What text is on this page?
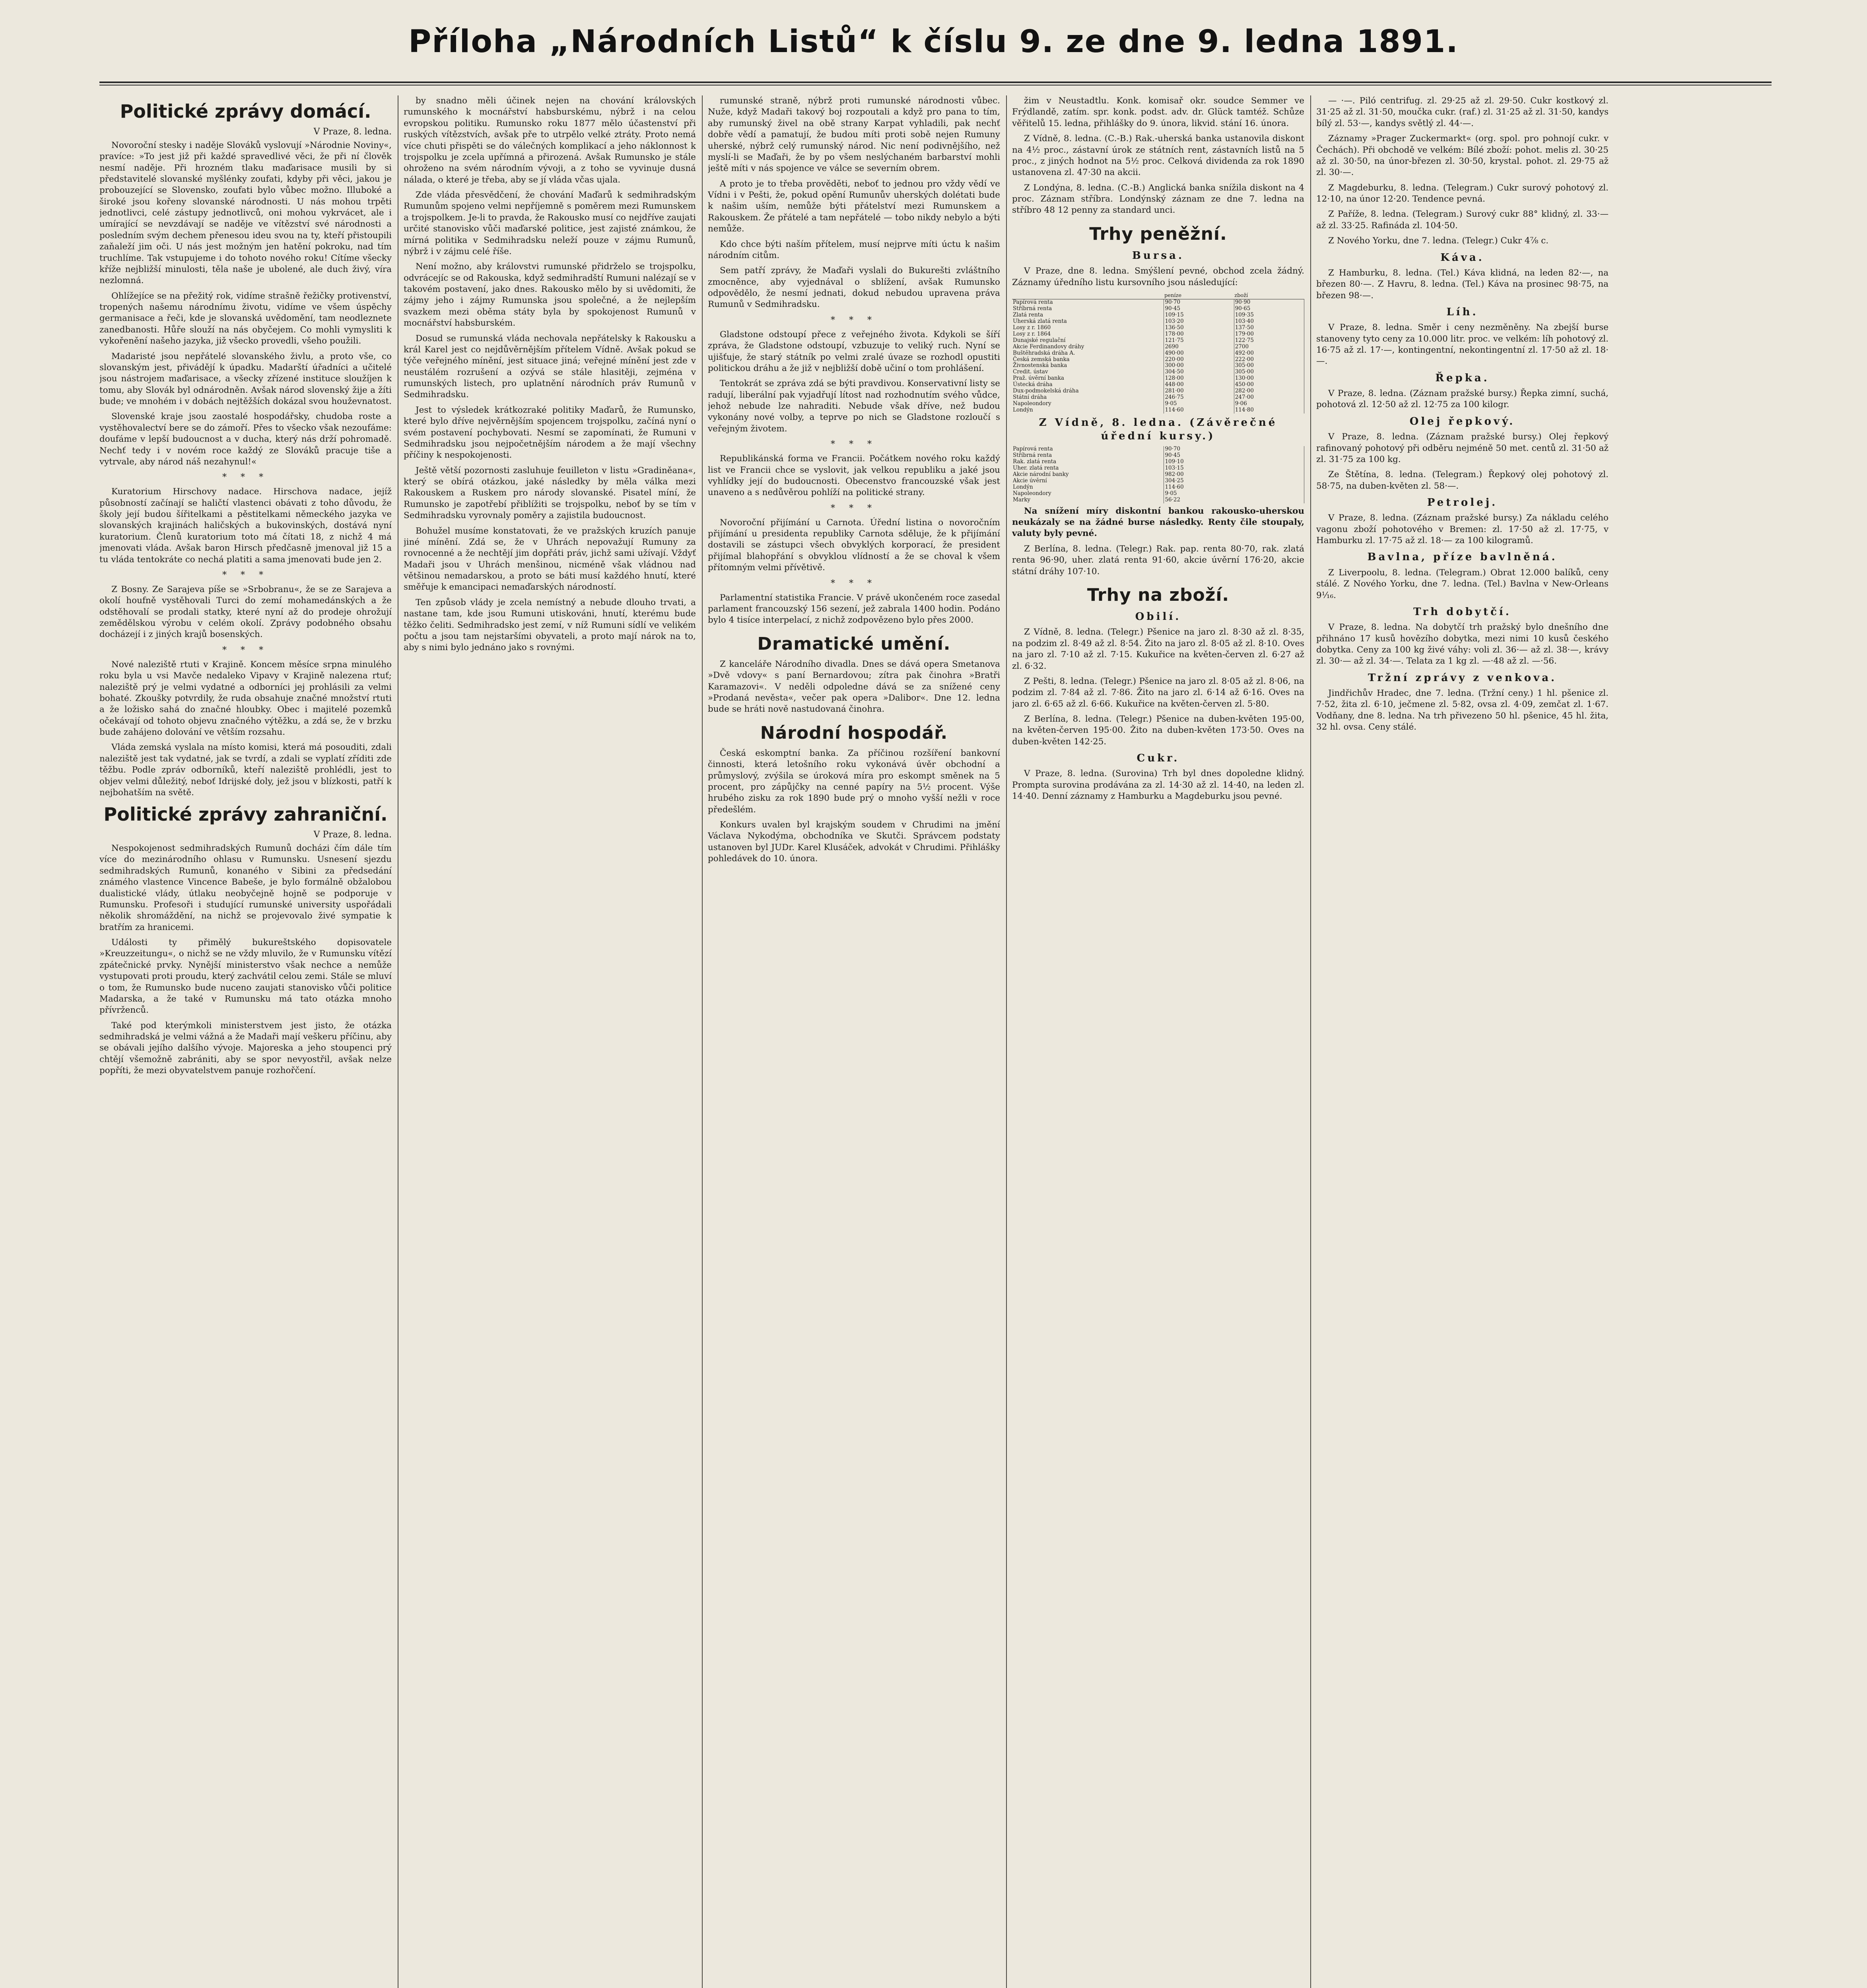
Příloha „Národních Listů“ k číslu 9. ze dne 9. ledna 1891.
Politické zprávy domácí.
V Praze, 8. ledna.

Novoroční stesky i naděje Slováků vyslovují »Národnie Noviny«, pravíce: »To jest již při každé spravedlivé věci, že při ní člověk nesmí naděje. Při hrozném tlaku maďarisace musili by si představitelé slovanské myšlénky zoufati, kdyby při věci, jakou je probouzející se Slovensko, zoufati bylo vůbec možno. Illuboké a široké jsou kořeny slovanské národnosti. U nás mohou trpěti jednotlivci, celé zástupy jednotlivců, oni mohou vykrvácet, ale i umírající se nevzdávají se naděje ve vítězství své národnosti a posledním svým dechem přenesou ideu svou na ty, kteří přistoupili zaňaleží jim oči. U nás jest možným jen hatění pokroku, nad tím truchlíme. Tak vstupujeme i do tohoto nového roku! Cítíme všecky kříže nejbližší minulosti, těla naše je ubolené, ale duch živý, víra nezlomná.

Ohlížejíce se na přežitý rok, vidíme strašně řežičky protivenství, tropených našemu národnímu životu, vidíme ve všem úspěchy germanisace a řeči, kde je slovanská uvědomění, tam neodleznete zanedbanosti. Hůře slouží na nás obyčejem. Co mohli vymysliti k vykořenění našeho jazyka, již všecko provedli, všeho použili.

Madaristé jsou nepřátelé slovanského živlu, a proto vše, co slovanským jest, přivádějí k úpadku. Madarští úřadníci a učitelé jsou nástrojem maďarisace, a všecky zřízené instituce sloužíjen k tomu, aby Slovák byl odnárodněn. Avšak národ slovenský žije a žíti bude; ve mnohém i v dobách nejtěžších dokázal svou houževnatost.

Slovenské kraje jsou zaostalé hospodářsky, chudoba roste a vystěhovalectví bere se do zámoří. Přes to všecko však nezoufáme: doufáme v lepší budoucnost a v ducha, který nás drží pohromadě. Nechť tedy i v novém roce každý ze Slováků pracuje tiše a vytrvale, aby národ náš nezahynul!«

* * *

Kuratorium Hirschovy nadace. Hirschova nadace, jejíž působností začínají se haličtí vlastenci obávati z toho důvodu, že školy její budou šířitelkami a pěstitelkami německého jazyka ve slovanských krajinách haličských a bukovinských, dostává nyní kuratorium. Členů kuratorium toto má čítati 18, z nichž 4 má jmenovati vláda. Avšak baron Hirsch předčasně jmenoval již 15 a tu vláda tentokráte co nechá platiti a sama jmenovati bude jen 2.

* * *

Z Bosny. Ze Sarajeva píše se »Srbobranu«, že se ze Sarajeva a okolí houfně vystěhovali Turci do zemí mohamedánských a že odstěhovalí se prodali statky, které nyní až do prodeje ohrožují zemědělskou výrobu v celém okolí. Zprávy podobného obsahu docházejí i z jiných krajů bosenských.

* * *

Nové naleziště rtuti v Krajině. Koncem měsíce srpna minulého roku byla u vsi Mavče nedaleko Vipavy v Krajině nalezena rtuť; naleziště prý je velmi vydatné a odborníci jej prohlásili za velmi bohaté. Zkoušky potvrdily, že ruda obsahuje značné množství rtuti a že ložisko sahá do značné hloubky. Obec i majitelé pozemků očekávají od tohoto objevu značného výtěžku, a zdá se, že v brzku bude zahájeno dolování ve větším rozsahu.

Vláda zemská vyslala na místo komisi, která má posouditi, zdali naleziště jest tak vydatné, jak se tvrdí, a zdali se vyplatí zříditi zde těžbu. Podle zpráv odborníků, kteří naleziště prohlédli, jest to objev velmi důležitý, neboť Idrijské doly, jež jsou v blízkosti, patří k nejbohatším na světě.

Politické zprávy zahraniční.
V Praze, 8. ledna.

Nespokojenost sedmihradských Rumunů docházi čím dále tím více do mezinárodního ohlasu v Rumunsku. Usnesení sjezdu sedmihradských Rumunů, konaného v Sibini za předsedání známého vlastence Vincence Babeše, je bylo formálně obžalobou dualistické vlády, útlaku neobyčejně hojně se podporuje v Rumunsku. Profesoři i studující rumunské university uspořádali několik shromáždění, na nichž se projevovalo živé sympatie k bratřím za hranicemi.

Události ty přimělý bukureštského dopisovatele »Kreuzzeitungu«, o nichž se ne vždy mluvilo, že v Rumunsku vítězí zpátečnické prvky. Nynější ministerstvo však nechce a nemůže vystupovati proti proudu, který zachvátil celou zemi. Stále se mluví o tom, že Rumunsko bude nuceno zaujati stanovisko vůči politice Madarska, a že také v Rumunsku má tato otázka mnoho přívrženců.

Také pod kterýmkoli ministerstvem jest jisto, že otázka sedmihradská je velmi vážná a že Madaři mají veškeru příčinu, aby se obávali jejího dalšího vývoje. Majoreska a jeho stoupenci prý chtějí všemožně zabrániti, aby se spor nevyostřil, avšak nelze popříti, že mezi obyvatelstvem panuje rozhořčení.

by snadno měli účinek nejen na chování královských rumunského k mocnářství habsburskému, nýbrž i na celou evropskou politiku. Rumunsko roku 1877 mělo účastenství při ruských vítězstvích, avšak pře to utrpělo velké ztráty. Proto nemá více chuti přispěti se do válečných komplikací a jeho náklonnost k trojspolku je zcela upřímná a přirozená. Avšak Rumunsko je stále ohroženo na svém národním vývoji, a z toho se vyvinuje dusná nálada, o které je třeba, aby se jí vláda včas ujala.

Zde vláda přesvědčení, že chování Maďarů k sedmihradským Rumunům spojeno velmi nepříjemně s poměrem mezi Rumunskem a trojspolkem. Je-li to pravda, že Rakousko musí co nejdříve zaujati určité stanovisko vůči maďarské politice, jest zajisté známkou, že mírná politika v Sedmihradsku neleží pouze v zájmu Rumunů, nýbrž i v zájmu celé říše.

Není možno, aby královstvi rumunské přidrželo se trojspolku, odvrácejíc se od Rakouska, když sedmihradští Rumuni nalézají se v takovém postavení, jako dnes. Rakousko mělo by si uvědomiti, že zájmy jeho i zájmy Rumunska jsou společné, a že nejlepším svazkem mezi oběma státy byla by spokojenost Rumunů v mocnářství habsburském.

Dosud se rumunská vláda nechovala nepřátelsky k Rakousku a král Karel jest co nejdůvěrnějším přítelem Vídně. Avšak pokud se týče veřejného mínění, jest situace jiná; veřejné mínění jest zde v neustálém rozrušení a ozývá se stále hlasitěji, zejména v rumunských listech, pro uplatnění národních práv Rumunů v Sedmihradsku.

Jest to výsledek krátkozraké politiky Maďarů, že Rumunsko, které bylo dříve nejvěrnějším spojencem trojspolku, začíná nyní o svém postavení pochybovati. Nesmí se zapomínati, že Rumuni v Sedmihradsku jsou nejpočetnějším národem a že mají všechny příčiny k nespokojenosti.

Ještě větší pozornosti zasluhuje feuilleton v listu »Gradiněana«, který se obírá otázkou, jaké následky by měla válka mezi Rakouskem a Ruskem pro národy slovanské. Pisatel míní, že Rumunsko je zapotřebí přiblížiti se trojspolku, neboť by se tím v Sedmihradsku vyrovnaly poměry a zajistila budoucnost.

Bohužel musíme konstatovati, že ve pražských kruzích panuje jiné mínění. Zdá se, že v Uhrách nepovažují Rumuny za rovnocenné a že nechtějí jim dopřáti práv, jichž sami užívají. Vždyť Madaři jsou v Uhrách menšinou, nicméně však vládnou nad většinou nemadarskou, a proto se báti musí každého hnutí, které směřuje k emancipaci nemaďarských národností.

Ten způsob vlády je zcela nemístný a nebude dlouho trvati, a nastane tam, kde jsou Rumuni utiskováni, hnutí, kterému bude těžko čeliti. Sedmihradsko jest zemí, v níž Rumuni sídlí ve velikém počtu a jsou tam nejstaršími obyvateli, a proto mají nárok na to, aby s nimi bylo jednáno jako s rovnými.

rumunské straně, nýbrž proti rumunské národnosti vůbec. Nuže, když Madaři takový boj rozpoutali a když pro pana to tím, aby rumunský živel na obě strany Karpat vyhladili, pak nechť dobře vědí a pamatují, že budou míti proti sobě nejen Rumuny uherské, nýbrž celý rumunský národ. Nic není podivnějšího, než myslí-li se Maďaři, že by po všem neslýchaném barbarství mohli ještě míti v nás spojence ve válce se severním obrem.

A proto je to třeba prověděti, neboť to jednou pro vždy vědí ve Vídni i v Pešti, že, pokud opění Rumunův uherských dolétati bude k našim uším, nemůže býti přátelství mezi Rumunskem a Rakouskem. Že přátelé a tam nepřátelé — tobo nikdy nebylo a býti nemůže.

Kdo chce býti naším přítelem, musí nejprve míti úctu k našim národním citům.

Sem patří zprávy, že Maďaři vyslali do Bukurešti zvláštního zmocněnce, aby vyjednával o sblížení, avšak Rumunsko odpovědělo, že nesmí jednati, dokud nebudou upravena práva Rumunů v Sedmihradsku.

* * *

Gladstone odstoupí přece z veřejného života. Kdykoli se šíří zpráva, že Gladstone odstoupí, vzbuzuje to veliký ruch. Nyní se ujišťuje, že starý státník po velmi zralé úvaze se rozhodl opustiti politickou dráhu a že již v nejbližší době učiní o tom prohlášení.

Tentokrát se zpráva zdá se býti pravdivou. Konservativní listy se radují, liberální pak vyjadřují lítost nad rozhodnutím svého vůdce, jehož nebude lze nahraditi. Nebude však dříve, než budou vykonány nové volby, a teprve po nich se Gladstone rozloučí s veřejným životem.

* * *

Republikánská forma ve Francii. Počátkem nového roku každý list ve Francii chce se vyslovit, jak velkou republiku a jaké jsou vyhlídky její do budoucnosti. Obecenstvo francouzské však jest unaveno a s nedůvěrou pohlíží na politické strany.

* * *

Novoroční přijímání u Carnota. Úřední listina o novoročním přijímání u presidenta republiky Carnota sděluje, že k přijímání dostavili se zástupci všech obvyklých korporací, že president přijímal blahopřání s obvyklou vlídností a že se choval k všem přítomným velmi přívětivě.

* * *

Parlamentní statistika Francie. V právě ukončeném roce zasedal parlament francouzský 156 sezení, jež zabrala 1400 hodin. Podáno bylo 4 tisíce interpelací, z nichž zodpovězeno bylo přes 2000.

Dramatické umění.

Z kanceláře Národního divadla. Dnes se dává opera Smetanova »Dvě vdovy« s paní Bernardovou; zítra pak činohra »Bratři Karamazovi«. V neděli odpoledne dává se za snížené ceny »Prodaná nevěsta«, večer pak opera »Dalibor«. Dne 12. ledna bude se hráti nově nastudovaná činohra.

Národní hospodář.

Česká eskomptní banka. Za příčinou rozšíření bankovní činnosti, která letošního roku vykonává úvěr obchodní a průmyslový, zvýšila se úroková míra pro eskompt směnek na 5 procent, pro zápůjčky na cenné papíry na 5½ procent. Výše hrubého zisku za rok 1890 bude prý o mnoho vyšší nežli v roce předešlém.

Konkurs uvalen byl krajským soudem v Chrudimi na jmění Václava Nykodýma, obchodníka ve Skutči. Správcem podstaty ustanoven byl JUDr. Karel Klusáček, advokát v Chrudimi. Přihlášky pohledávek do 10. února.

žim v Neustadtlu. Konk. komisař okr. soudce Semmer ve Frýdlandě, zatím. spr. konk. podst. adv. dr. Glück tamtéž. Schůze věřitelů 15. ledna, přihlášky do 9. února, likvid. stání 16. února.

Z Vídně, 8. ledna. (C.-B.) Rak.-uherská banka ustanovila diskont na 4½ proc., zástavní úrok ze státních rent, zástavních listů na 5 proc., z jiných hodnot na 5½ proc. Celková dividenda za rok 1890 ustanovena zl. 47·30 na akcii.

Z Londýna, 8. ledna. (C.-B.) Anglická banka snížila diskont na 4 proc. Záznam stříbra. Londýnský záznam ze dne 7. ledna na stříbro 48 12 penny za standard unci.

Trhy peněžní.
Bursa.

V Praze, dne 8. ledna. Smýšlení pevné, obchod zcela žádný. Záznamy úředního listu kursovního jsou následující:

	peníze	zboží
Papírová renta	90·70	90·90
Stříbrná renta	90·45	90·65
Zlatá renta	109·15	109·35
Uherská zlatá renta	103·20	103·40
Losy z r. 1860	136·50	137·50
Losy z r. 1864	178·00	179·00
Dunajské regulační	121·75	122·75
Akcie Ferdinandovy dráhy	2690	2700
Buštěhradská dráha A.	490·00	492·00
Česká zemská banka	220·00	222·00
Živnostenská banka	300·00	305·00
Credit. ústav	304·50	305·00
Praž. úvěrní banka	128·00	130·00
Ústecká dráha	448·00	450·00
Dux-podmokelská dráha	281·00	282·00
Státní dráha	246·75	247·00
Napoleondory	9·05	9·06
Londýn	114·60	114·80
Z Vídně, 8. ledna. (Závěrečné úřední kursy.)
Papírová renta	90·70
Stříbrná renta	90·45
Rak. zlatá renta	109·10
Uher. zlatá renta	103·15
Akcie národní banky	982·00
Akcie úvěrní	304·25
Londýn	114·60
Napoleondory	9·05
Marky	56·22

Na snížení míry diskontní bankou rakousko-uherskou neukázaly se na žádné burse následky. Renty čile stoupaly, valuty byly pevné.

Z Berlína, 8. ledna. (Telegr.) Rak. pap. renta 80·70, rak. zlatá renta 96·90, uher. zlatá renta 91·60, akcie úvěrní 176·20, akcie státní dráhy 107·10.

Trhy na zboží.
Obilí.

Z Vídně, 8. ledna. (Telegr.) Pšenice na jaro zl. 8·30 až zl. 8·35, na podzim zl. 8·49 až zl. 8·54. Žito na jaro zl. 8·05 až zl. 8·10. Oves na jaro zl. 7·10 až zl. 7·15. Kukuřice na květen-červen zl. 6·27 až zl. 6·32.

Z Pešti, 8. ledna. (Telegr.) Pšenice na jaro zl. 8·05 až zl. 8·06, na podzim zl. 7·84 až zl. 7·86. Žito na jaro zl. 6·14 až 6·16. Oves na jaro zl. 6·65 až zl. 6·66. Kukuřice na květen-červen zl. 5·80.

Z Berlína, 8. ledna. (Telegr.) Pšenice na duben-květen 195·00, na květen-červen 195·00. Žito na duben-květen 173·50. Oves na duben-květen 142·25.

Cukr.

V Praze, 8. ledna. (Surovina) Trh byl dnes dopoledne klidný. Prompta surovina prodávána za zl. 14·30 až zl. 14·40, na leden zl. 14·40. Denní záznamy z Hamburku a Magdeburku jsou pevné.

— ·—. Piló centrifug. zl. 29·25 až zl. 29·50. Cukr kostkový zl. 31·25 až zl. 31·50, moučka cukr. (raf.) zl. 31·25 až zl. 31·50, kandys bílý zl. 53·—, kandys světlý zl. 44·—.

Záznamy »Prager Zuckermarkt« (org. spol. pro pohnojí cukr. v Čechách). Při obchodě ve velkém: Bílé zboží: pohot. melis zl. 30·25 až zl. 30·50, na únor-březen zl. 30·50, krystal. pohot. zl. 29·75 až zl. 30·—.

Z Magdeburku, 8. ledna. (Telegram.) Cukr surový pohotový zl. 12·10, na únor 12·20. Tendence pevná.

Z Paříže, 8. ledna. (Telegram.) Surový cukr 88° klidný, zl. 33·— až zl. 33·25. Rafináda zl. 104·50.

Z Nového Yorku, dne 7. ledna. (Telegr.) Cukr 4⁷⁄₈ c.

Káva.

Z Hamburku, 8. ledna. (Tel.) Káva klidná, na leden 82·—, na březen 80·—. Z Havru, 8. ledna. (Tel.) Káva na prosinec 98·75, na březen 98·—.

Líh.

V Praze, 8. ledna. Směr i ceny nezměněny. Na zbejší burse stanoveny tyto ceny za 10.000 litr. proc. ve velkém: líh pohotový zl. 16·75 až zl. 17·—, kontingentní, nekontingentní zl. 17·50 až zl. 18·—.

Řepka.

V Praze, 8. ledna. (Záznam pražské bursy.) Řepka zimní, suchá, pohotová zl. 12·50 až zl. 12·75 za 100 kilogr.

Olej řepkový.

V Praze, 8. ledna. (Záznam pražské bursy.) Olej řepkový rafinovaný pohotový při odběru nejméně 50 met. centů zl. 31·50 až zl. 31·75 za 100 kg.

Ze Štětína, 8. ledna. (Telegram.) Řepkový olej pohotový zl. 58·75, na duben-květen zl. 58·—.

Petrolej.

V Praze, 8. ledna. (Záznam pražské bursy.) Za nákladu celého vagonu zboží pohotového v Bremen: zl. 17·50 až zl. 17·75, v Hamburku zl. 17·75 až zl. 18·— za 100 kilogramů.

Bavlna, příze bavlněná.

Z Liverpoolu, 8. ledna. (Telegram.) Obrat 12.000 balíků, ceny stálé. Z Nového Yorku, dne 7. ledna. (Tel.) Bavlna v New-Orleans 9¹⁄₁₆.

Trh dobytčí.

V Praze, 8. ledna. Na dobytčí trh pražský bylo dnešního dne přihnáno 17 kusů hovězího dobytka, mezi nimi 10 kusů českého dobytka. Ceny za 100 kg živé váhy: voli zl. 36·— až zl. 38·—, krávy zl. 30·— až zl. 34·—. Telata za 1 kg zl. —·48 až zl. —·56.

Tržní zprávy z venkova.

Jindřichův Hradec, dne 7. ledna. (Tržní ceny.) 1 hl. pšenice zl. 7·52, žita zl. 6·10, ječmene zl. 5·82, ovsa zl. 4·09, zemčat zl. 1·67. Vodňany, dne 8. ledna. Na trh přivezeno 50 hl. pšenice, 45 hl. žita, 32 hl. ovsa. Ceny stálé.
